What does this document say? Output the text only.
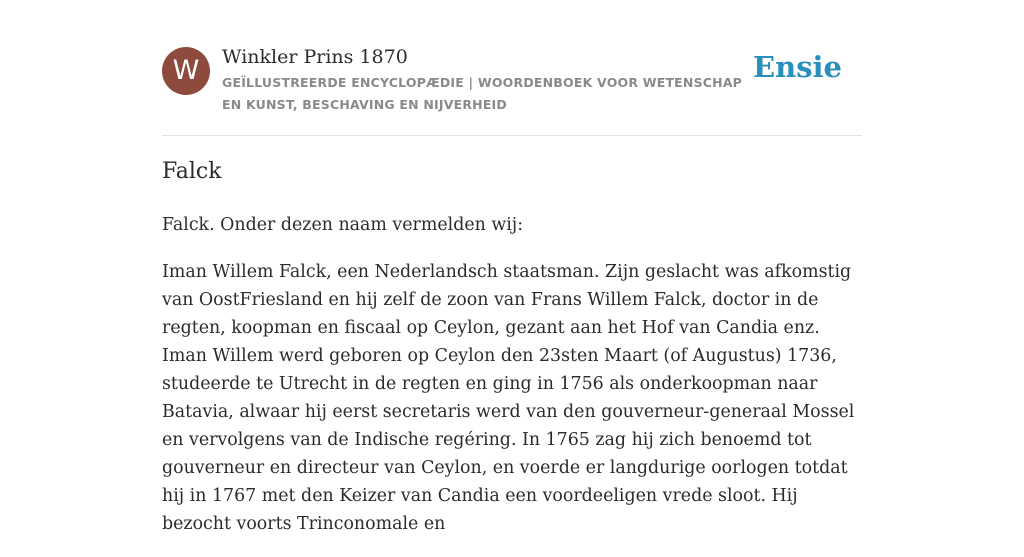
W	Winkler Prins 1870
GEÏLLUSTREERDE ENCYCLOPÆDIE | WOORDENBOEK VOOR WETENSCHAP EN KUNST, BESCHAVING EN NIJVERHEID
Ensie
Falck

Falck. Onder dezen naam vermelden wij:

Iman Willem Falck, een Nederlandsch staatsman. Zijn geslacht was afkomstig van OostFriesland en hij zelf de zoon van Frans Willem Falck, doctor in de regten, koopman en fiscaal op Ceylon, gezant aan het Hof van Candia enz. Iman Willem werd geboren op Ceylon den 23sten Maart (of Augustus) 1736, studeerde te Utrecht in de regten en ging in 1756 als onderkoopman naar Batavia, alwaar hij eerst secretaris werd van den gouverneur-generaal Mossel en vervolgens van de Indische regéring. In 1765 zag hij zich benoemd tot gouverneur en directeur van Ceylon, en voerde er langdurige oorlogen totdat hij in 1767 met den Keizer van Candia een voordeeligen vrede sloot. Hij bezocht voorts Trinconomale en
